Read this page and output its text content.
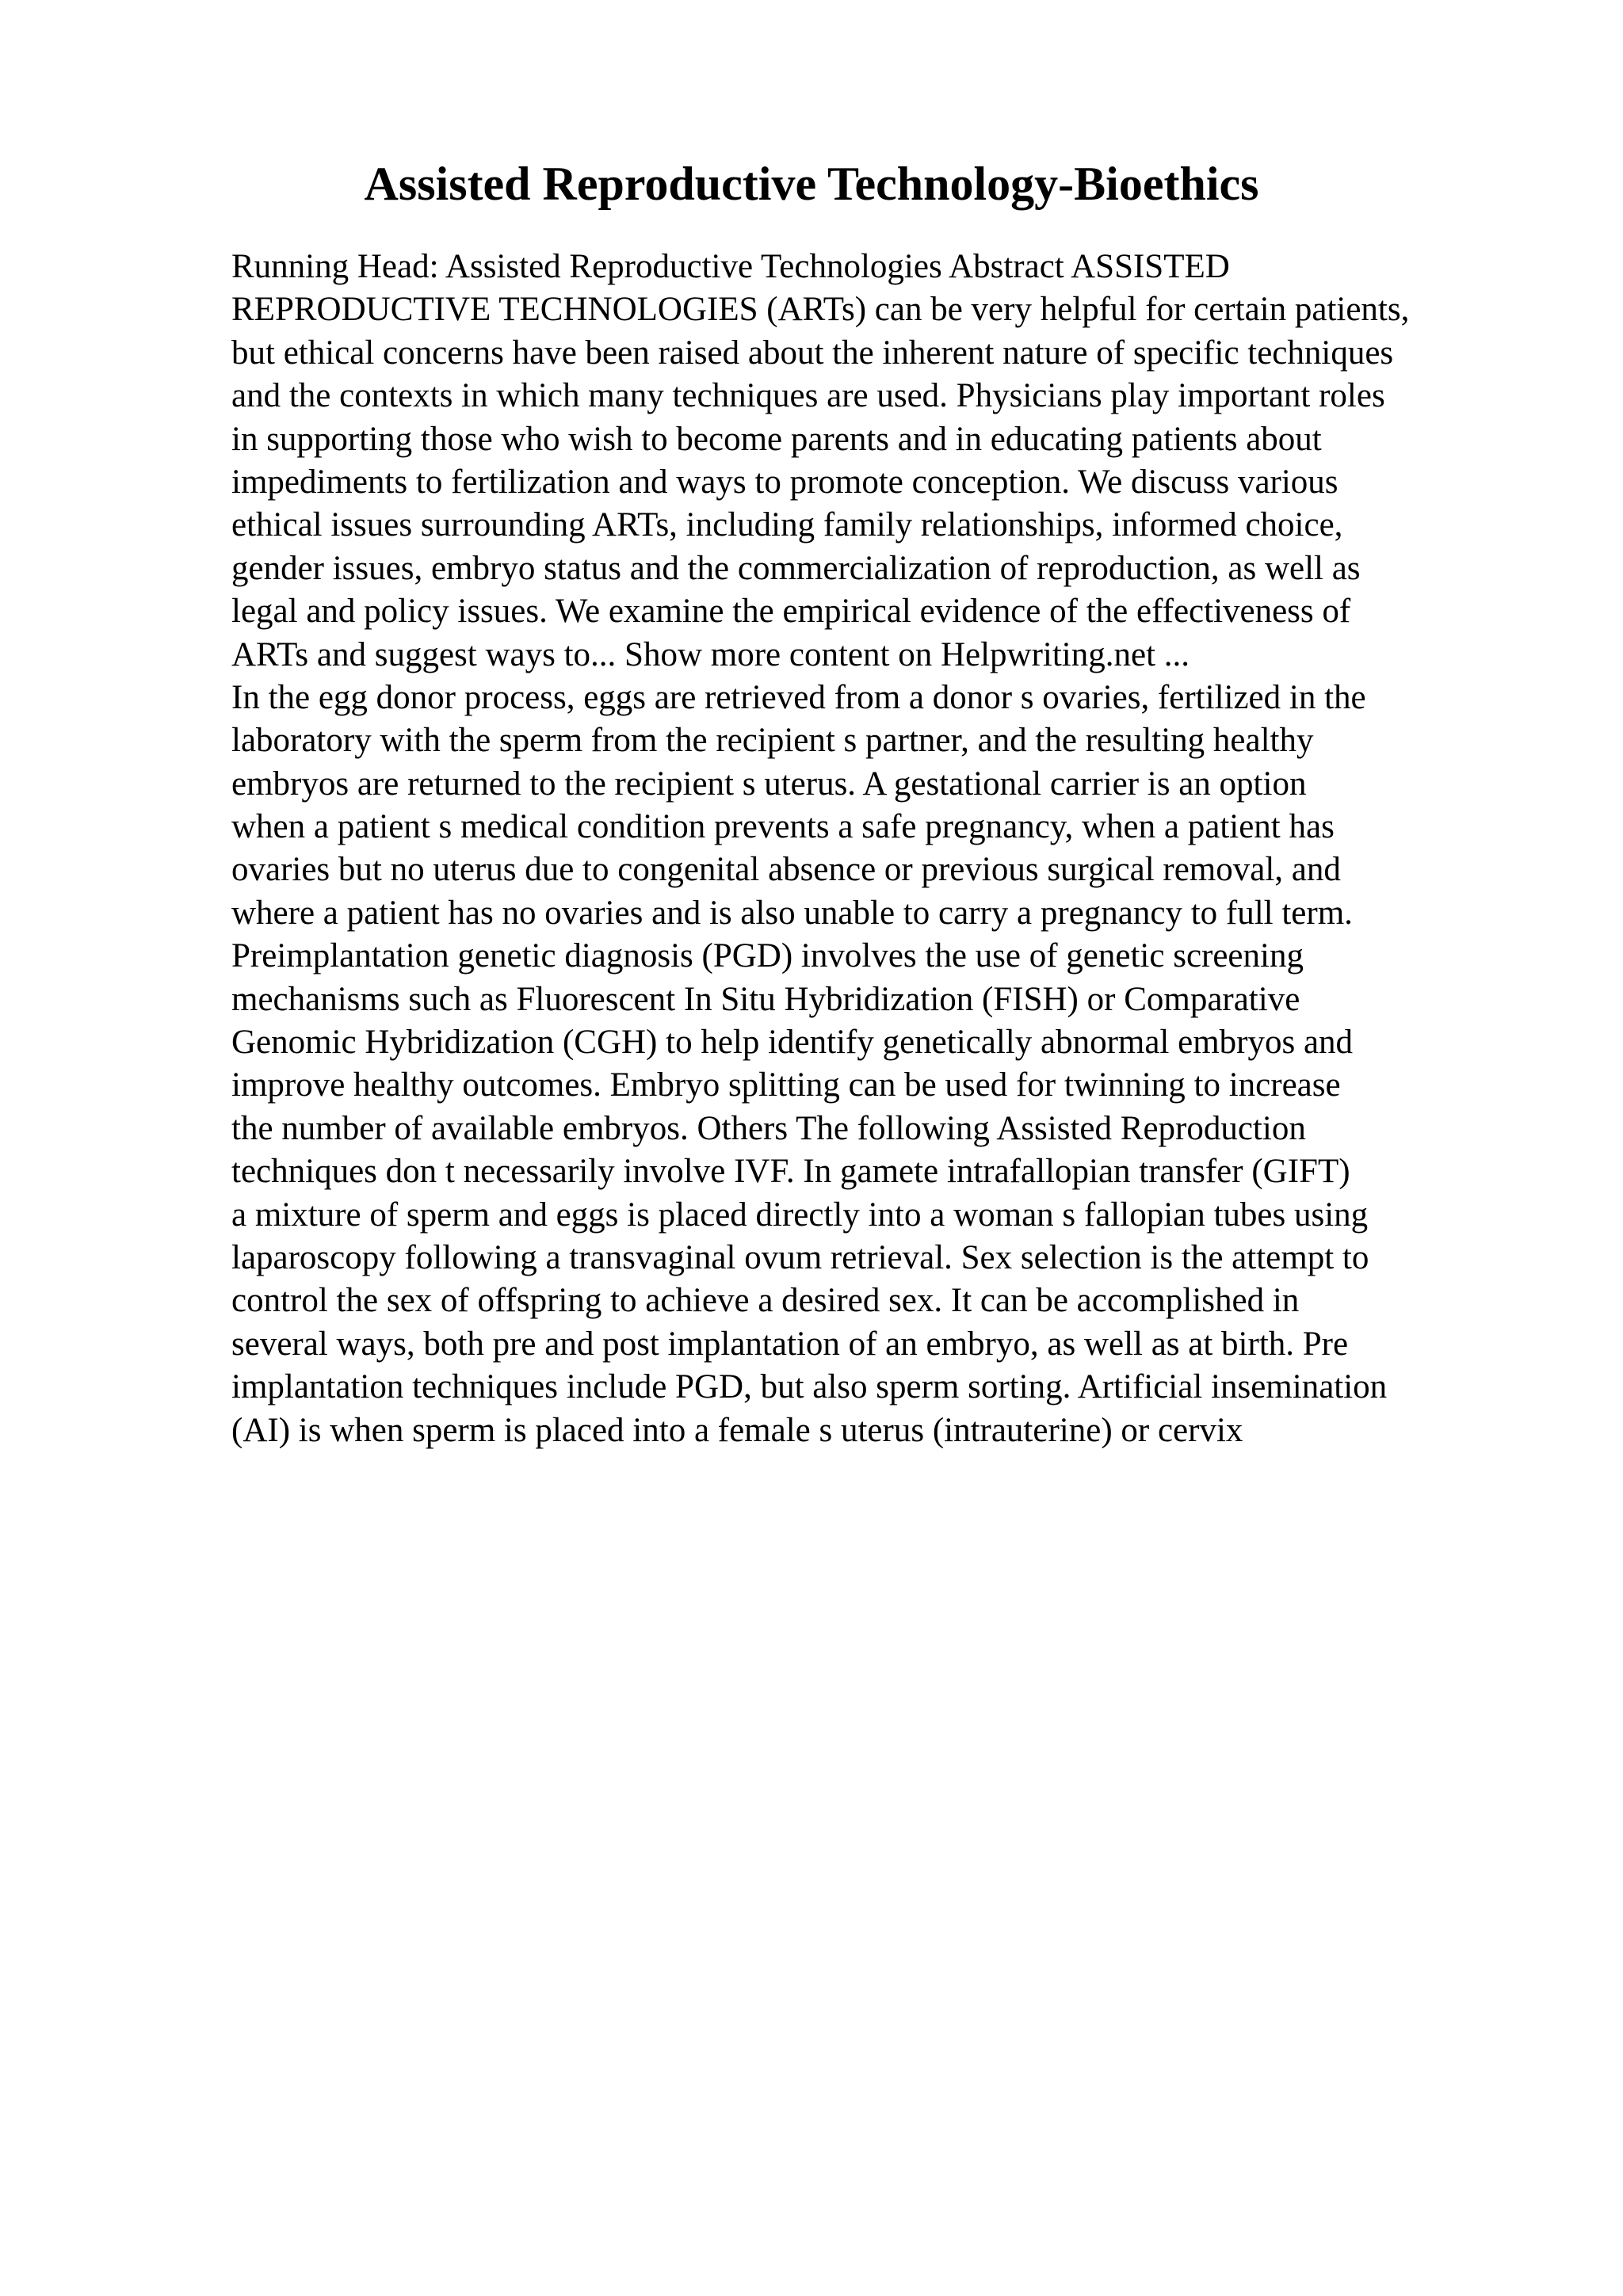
Assisted Reproductive Technology-Bioethics
Running Head: Assisted Reproductive Technologies Abstract ASSISTED
REPRODUCTIVE TECHNOLOGIES (ARTs) can be very helpful for certain patients,
but ethical concerns have been raised about the inherent nature of specific techniques
and the contexts in which many techniques are used. Physicians play important roles
in supporting those who wish to become parents and in educating patients about
impediments to fertilization and ways to promote conception. We discuss various
ethical issues surrounding ARTs, including family relationships, informed choice,
gender issues, embryo status and the commercialization of reproduction, as well as
legal and policy issues. We examine the empirical evidence of the effectiveness of
ARTs and suggest ways to... Show more content on Helpwriting.net ...
In the egg donor process, eggs are retrieved from a donor s ovaries, fertilized in the
laboratory with the sperm from the recipient s partner, and the resulting healthy
embryos are returned to the recipient s uterus. A gestational carrier is an option
when a patient s medical condition prevents a safe pregnancy, when a patient has
ovaries but no uterus due to congenital absence or previous surgical removal, and
where a patient has no ovaries and is also unable to carry a pregnancy to full term.
Preimplantation genetic diagnosis (PGD) involves the use of genetic screening
mechanisms such as Fluorescent In Situ Hybridization (FISH) or Comparative
Genomic Hybridization (CGH) to help identify genetically abnormal embryos and
improve healthy outcomes. Embryo splitting can be used for twinning to increase
the number of available embryos. Others The following Assisted Reproduction
techniques don t necessarily involve IVF. In gamete intrafallopian transfer (GIFT)
a mixture of sperm and eggs is placed directly into a woman s fallopian tubes using
laparoscopy following a transvaginal ovum retrieval. Sex selection is the attempt to
control the sex of offspring to achieve a desired sex. It can be accomplished in
several ways, both pre and post implantation of an embryo, as well as at birth. Pre
implantation techniques include PGD, but also sperm sorting. Artificial insemination
(AI) is when sperm is placed into a female s uterus (intrauterine) or cervix
